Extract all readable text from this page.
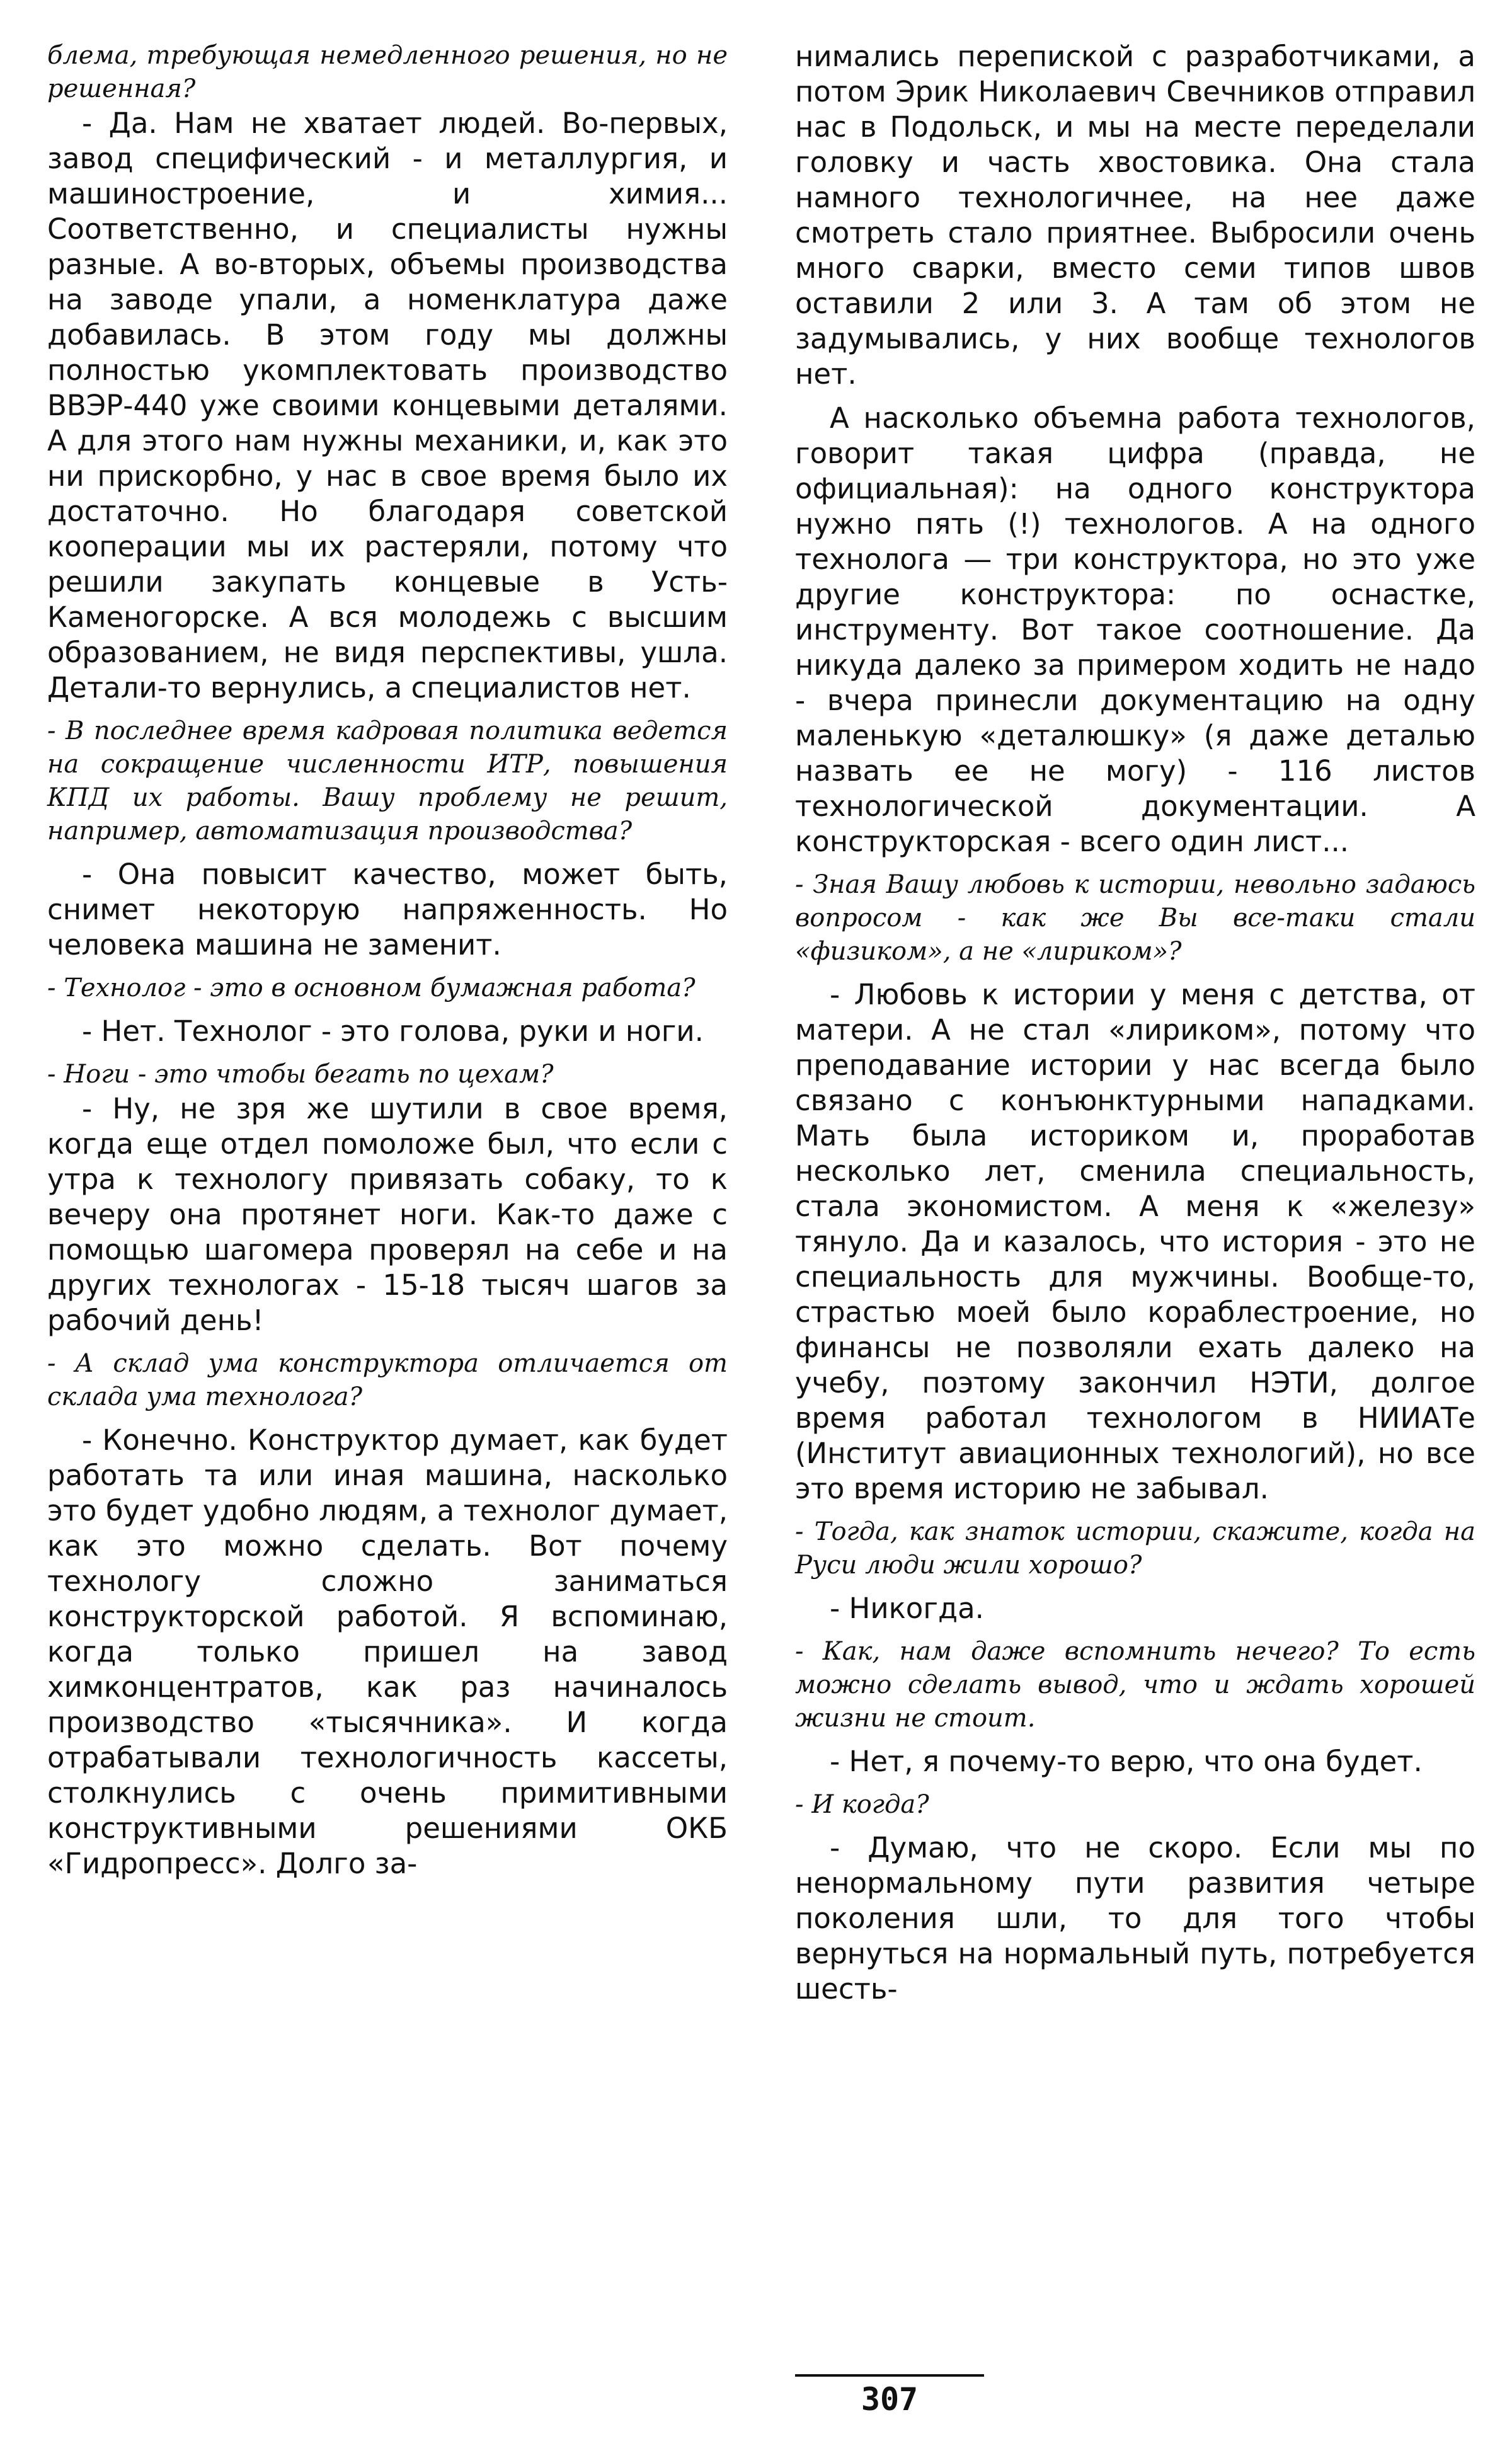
блема, требующая немедленного решения, но не решенная?

- Да. Нам не хватает людей. Во-первых, завод специфический - и металлургия, и машиностроение, и химия... Соответственно, и специалисты нужны разные. А во-вторых, объемы производства на заводе упали, а номенклатура даже добавилась. В этом году мы должны полностью укомплектовать производство ВВЭР-440 уже своими концевыми деталями. А для этого нам нужны механики, и, как это ни прискорбно, у нас в свое время было их достаточно. Но благодаря советской кооперации мы их растеряли, потому что решили закупать концевые в Усть-Каменогорске. А вся молодежь с высшим образованием, не видя перспективы, ушла. Детали-то вернулись, а специалистов нет.

- В последнее время кадровая политика ведется на сокращение численности ИТР, повышения КПД их работы. Вашу проблему не решит, например, автоматизация производства?

- Она повысит качество, может быть, снимет некоторую напряженность. Но человека машина не заменит.

- Технолог - это в основном бумажная работа?

- Нет. Технолог - это голова, руки и ноги.

- Ноги - это чтобы бегать по цехам?

- Ну, не зря же шутили в свое время, когда еще отдел помоложе был, что если с утра к технологу привязать собаку, то к вечеру она протянет ноги. Как-то даже с помощью шагомера проверял на себе и на других технологах - 15-18 тысяч шагов за рабочий день!

- А склад ума конструктора отличается от склада ума технолога?

- Конечно. Конструктор думает, как будет работать та или иная машина, насколько это будет удобно людям, а технолог думает, как это можно сделать. Вот почему технологу сложно заниматься конструкторской работой. Я вспоминаю, когда только пришел на завод химконцентратов, как раз начиналось производство «тысячника». И когда отрабатывали технологичность кассеты, столкнулись с очень примитивными конструктивными решениями ОКБ «Гидропресс». Долго за-

нимались перепиской с разработчиками, а потом Эрик Николаевич Свечников отправил нас в Подольск, и мы на месте переделали головку и часть хвостовика. Она стала намного технологичнее, на нее даже смотреть стало приятнее. Выбросили очень много сварки, вместо семи типов швов оставили 2 или 3. А там об этом не задумывались, у них вообще технологов нет.

А насколько объемна работа технологов, говорит такая цифра (правда, не официальная): на одного конструктора нужно пять (!) технологов. А на одного технолога — три конструктора, но это уже другие конструктора: по оснастке, инструменту. Вот такое соотношение. Да никуда далеко за примером ходить не надо - вчера принесли документацию на одну маленькую «деталюшку» (я даже деталью назвать ее не могу) - 116 листов технологической документации. А конструкторская - всего один лист...

- Зная Вашу любовь к истории, невольно задаюсь вопросом - как же Вы все-таки стали «физиком», а не «лириком»?

- Любовь к истории у меня с детства, от матери. А не стал «лириком», потому что преподавание истории у нас всегда было связано с конъюнктурными нападками. Мать была историком и, проработав несколько лет, сменила специальность, стала экономистом. А меня к «железу» тянуло. Да и казалось, что история - это не специальность для мужчины. Вообще-то, страстью моей было кораблестроение, но финансы не позволяли ехать далеко на учебу, поэтому закончил НЭТИ, долгое время работал технологом в НИИАТе (Институт авиационных технологий), но все это время историю не забывал.

- Тогда, как знаток истории, скажите, когда на Руси люди жили хорошо?

- Никогда.

- Как, нам даже вспомнить нечего? То есть можно сделать вывод, что и ждать хорошей жизни не стоит.

- Нет, я почему-то верю, что она будет.

- И когда?

- Думаю, что не скоро. Если мы по ненормальному пути развития четыре поколения шли, то для того чтобы вернуться на нормальный путь, потребуется шесть-

307
